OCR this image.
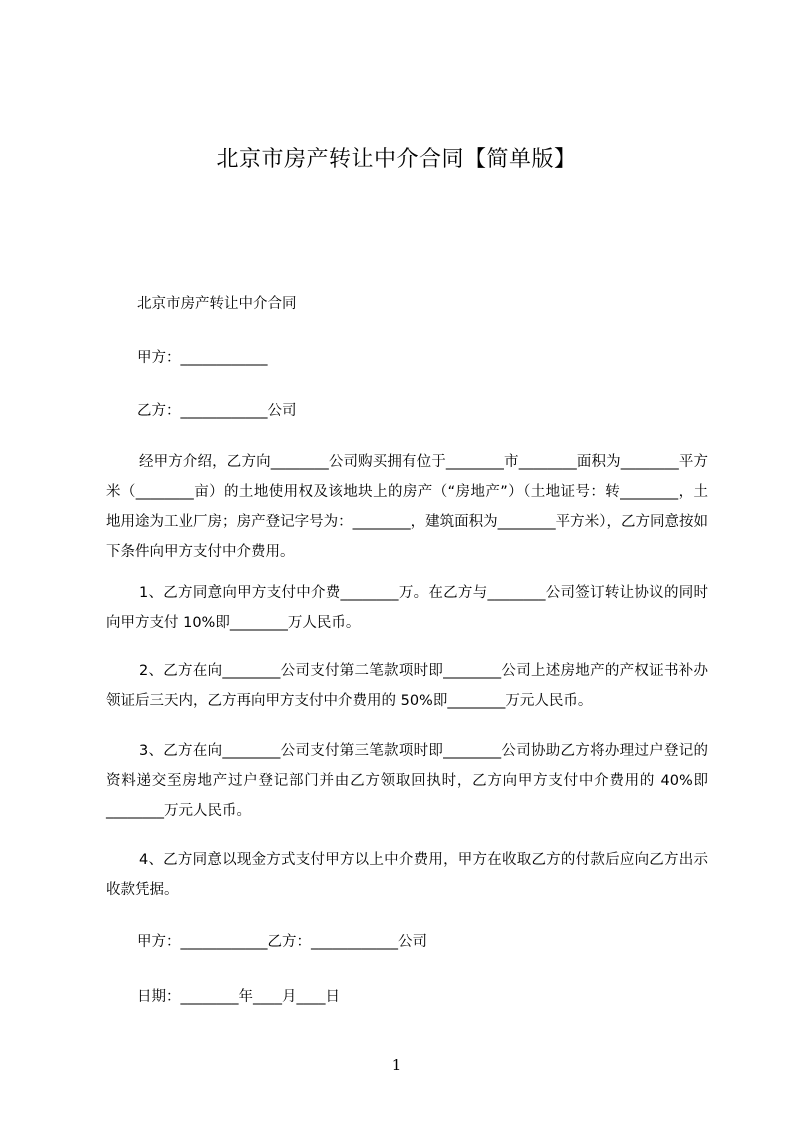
北京市房产转让中介合同【简单版】

北京市房产转让中介合同

甲方：____________

乙方：____________公司

经甲方介绍，乙方向________公司购买拥有位于________市________面积为________平方米（________亩）的土地使用权及该地块上的房产（“房地产”）（土地证号：转________，土地用途为工业厂房；房产登记字号为：________，建筑面积为________平方米），乙方同意按如下条件向甲方支付中介费用。

1、乙方同意向甲方支付中介费________万。在乙方与________公司签订转让协议的同时向甲方支付 10%即________万人民币。

2、乙方在向________公司支付第二笔款项时即________公司上述房地产的产权证书补办领证后三天内，乙方再向甲方支付中介费用的 50%即________万元人民币。

3、乙方在向________公司支付第三笔款项时即________公司协助乙方将办理过户登记的资料递交至房地产过户登记部门并由乙方领取回执时，乙方向甲方支付中介费用的 40%即________万元人民币。

4、乙方同意以现金方式支付甲方以上中介费用，甲方在收取乙方的付款后应向乙方出示收款凭据。

甲方：____________乙方：____________公司

日期：________年____月____日

1
